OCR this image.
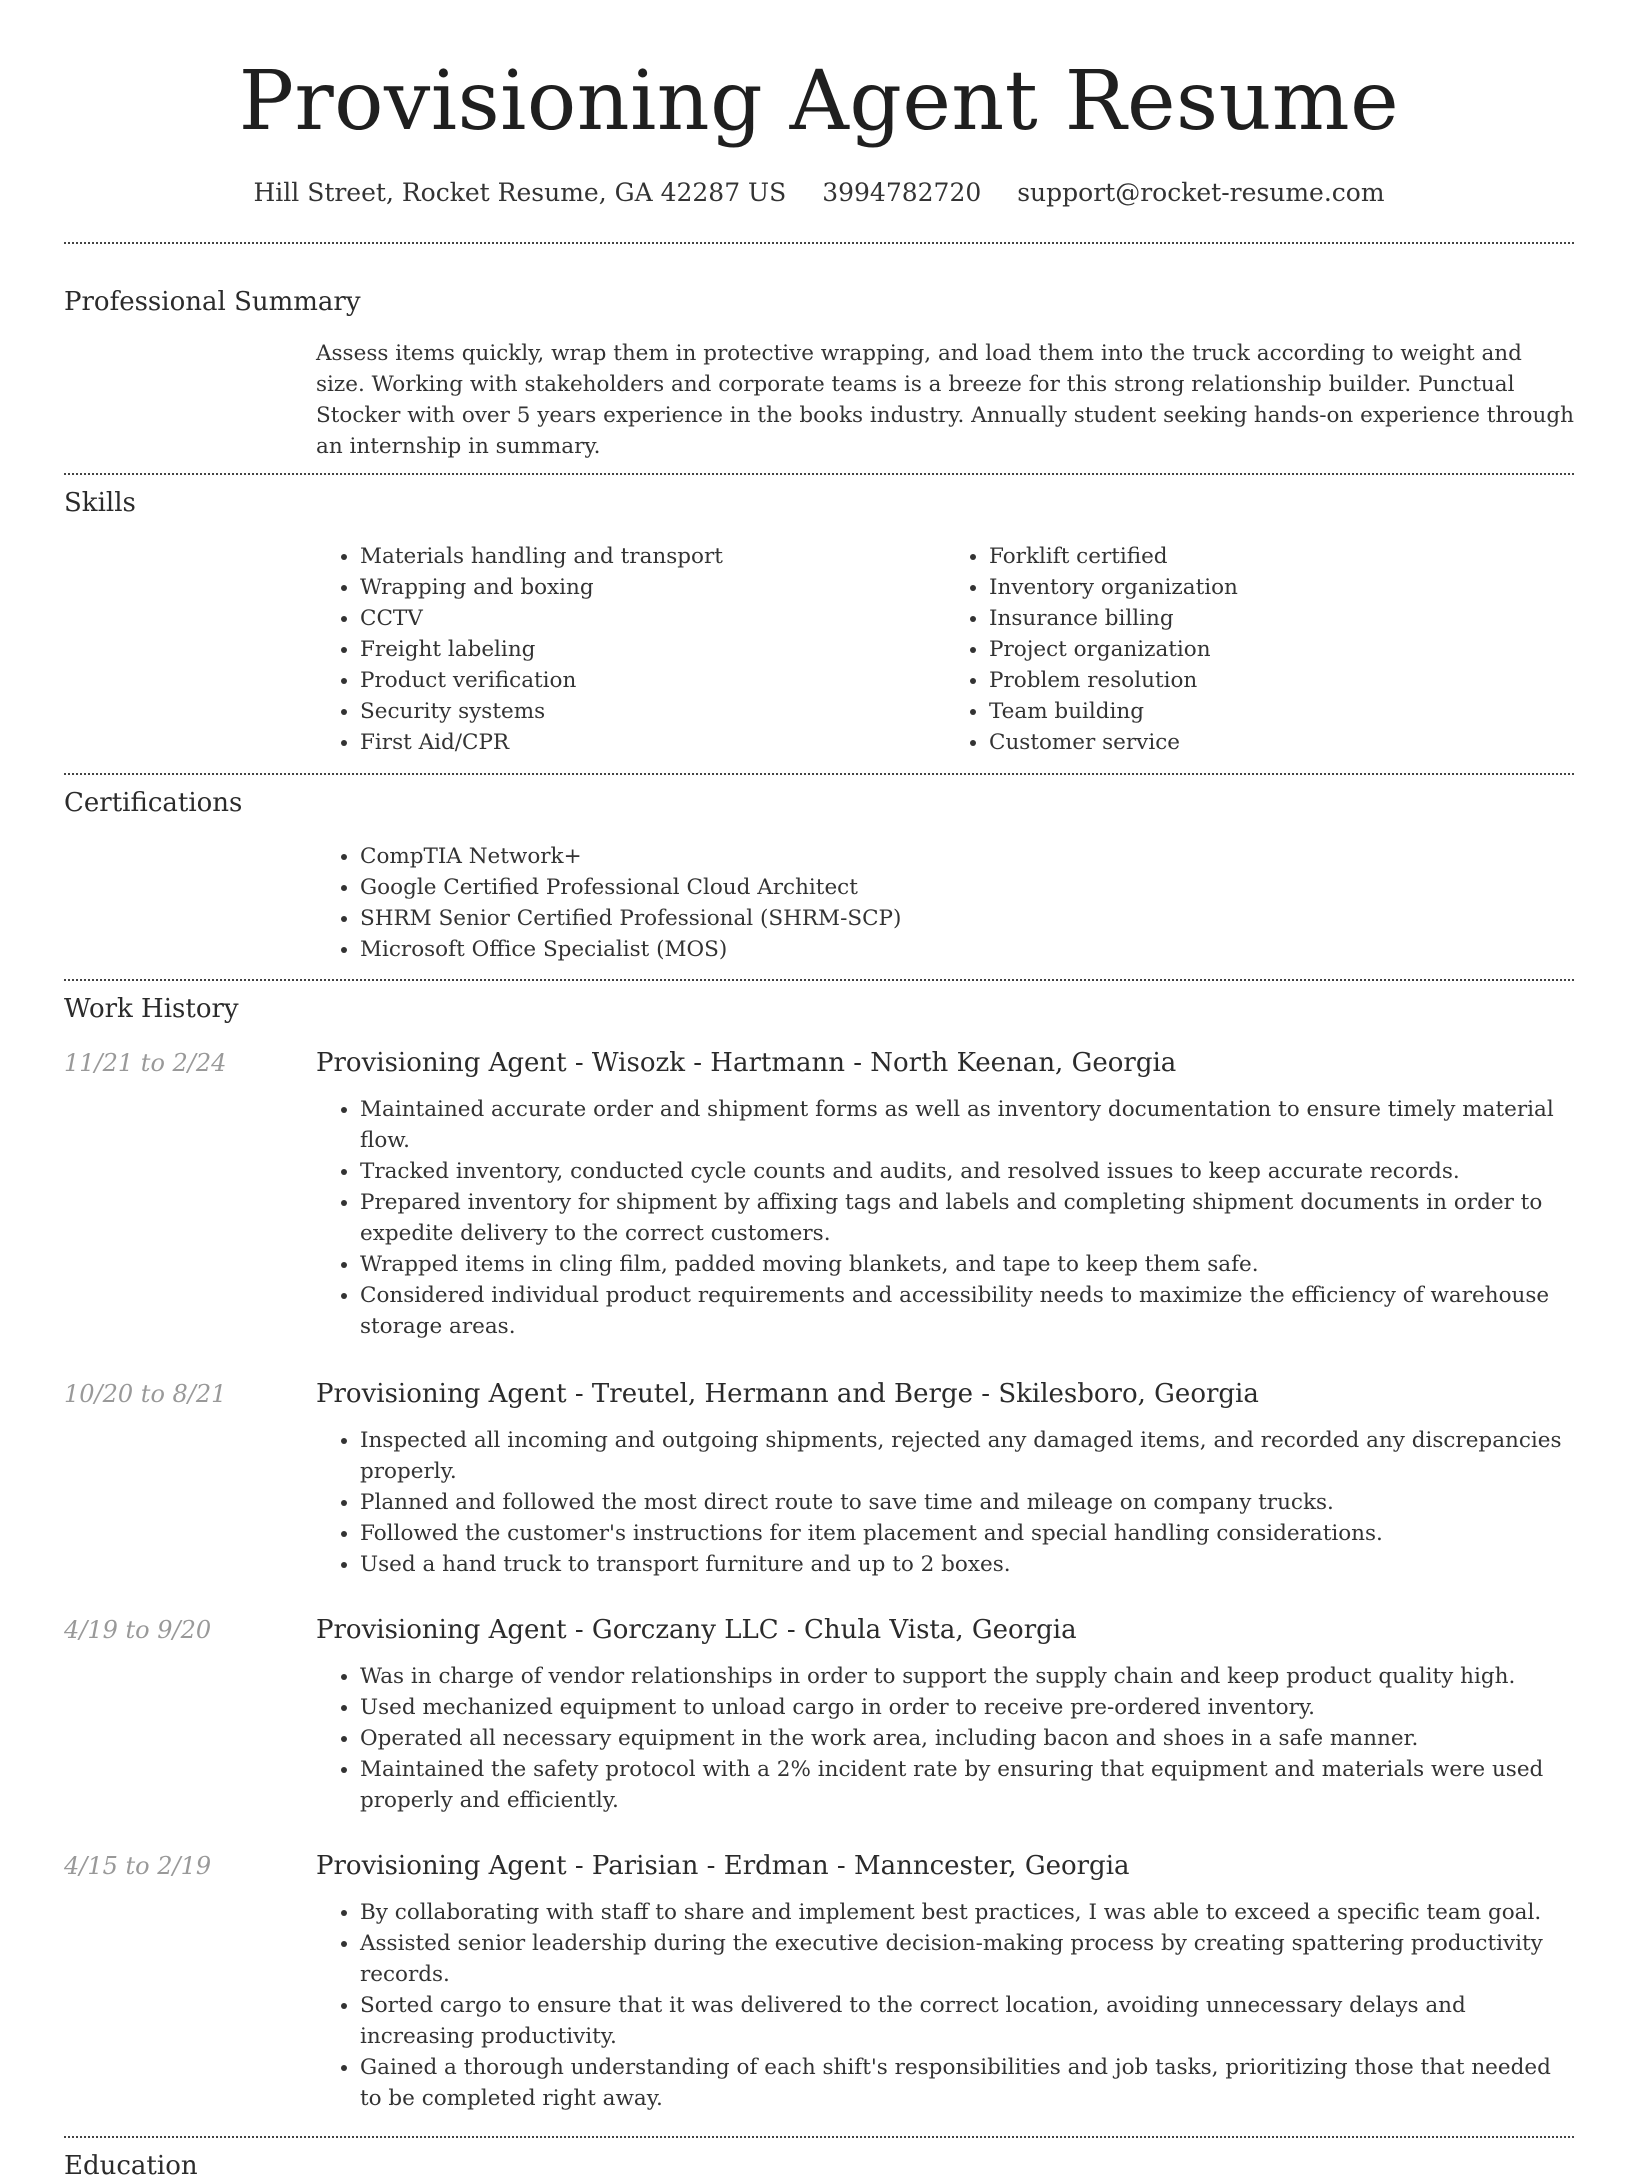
Provisioning Agent Resume
Hill Street, Rocket Resume, GA 42287 US 3994782720 support@rocket-resume.com
Professional Summary
Assess items quickly, wrap them in protective wrapping, and load them into the truck according to weight and size. Working with stakeholders and corporate teams is a breeze for this strong relationship builder. Punctual Stocker with over 5 years experience in the books industry. Annually student seeking hands-on experience through an internship in summary.
Skills
• Materials handling and transport
• Wrapping and boxing
• CCTV
• Freight labeling
• Product verification
• Security systems
• First Aid/CPR
• Forklift certified
• Inventory organization
• Insurance billing
• Project organization
• Problem resolution
• Team building
• Customer service
Certifications
• CompTIA Network+
• Google Certified Professional Cloud Architect
• SHRM Senior Certified Professional (SHRM-SCP)
• Microsoft Office Specialist (MOS)
Work History
11/21 to 2/24	Provisioning Agent - Wisozk - Hartmann - North Keenan, Georgia
• Maintained accurate order and shipment forms as well as inventory documentation to ensure timely material flow.
• Tracked inventory, conducted cycle counts and audits, and resolved issues to keep accurate records.
• Prepared inventory for shipment by affixing tags and labels and completing shipment documents in order to expedite delivery to the correct customers.
• Wrapped items in cling film, padded moving blankets, and tape to keep them safe.
• Considered individual product requirements and accessibility needs to maximize the efficiency of warehouse storage areas.
10/20 to 8/21	Provisioning Agent - Treutel, Hermann and Berge - Skilesboro, Georgia
• Inspected all incoming and outgoing shipments, rejected any damaged items, and recorded any discrepancies properly.
• Planned and followed the most direct route to save time and mileage on company trucks.
• Followed the customer's instructions for item placement and special handling considerations.
• Used a hand truck to transport furniture and up to 2 boxes.
4/19 to 9/20	Provisioning Agent - Gorczany LLC - Chula Vista, Georgia
• Was in charge of vendor relationships in order to support the supply chain and keep product quality high.
• Used mechanized equipment to unload cargo in order to receive pre-ordered inventory.
• Operated all necessary equipment in the work area, including bacon and shoes in a safe manner.
• Maintained the safety protocol with a 2% incident rate by ensuring that equipment and materials were used properly and efficiently.
4/15 to 2/19	Provisioning Agent - Parisian - Erdman - Manncester, Georgia
• By collaborating with staff to share and implement best practices, I was able to exceed a specific team goal.
• Assisted senior leadership during the executive decision-making process by creating spattering productivity records.
• Sorted cargo to ensure that it was delivered to the correct location, avoiding unnecessary delays and increasing productivity.
• Gained a thorough understanding of each shift's responsibilities and job tasks, prioritizing those that needed to be completed right away.
Education
